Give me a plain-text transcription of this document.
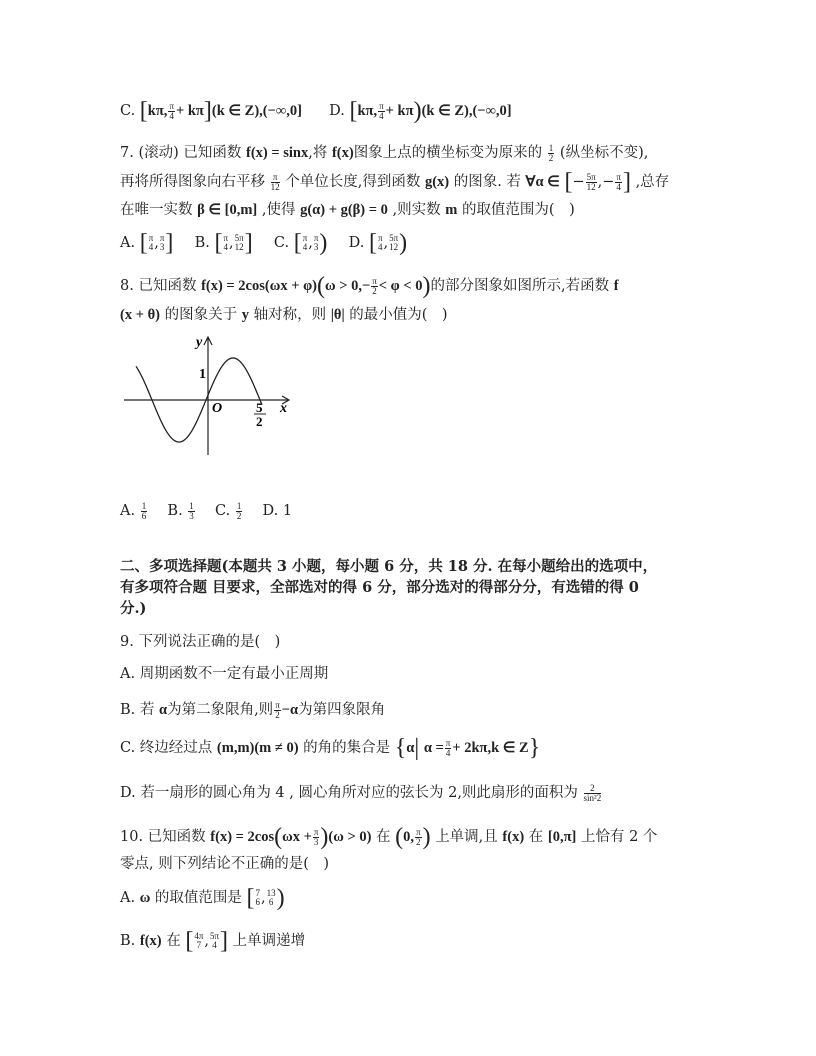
C. [kπ, $\frac{\pi}{4} + k\pi](k$ ∈ Z),(−∞,0] D. [kπ, $\frac{\pi}{4} + k\pi)(k$ ∈ Z),(−∞,0]
7. (滚动) 已知函数 f(x) = sinx,将 f(x)图象上点的横坐标变为原来的 $\frac{1}{2}$ (纵坐标不变),
再将所得图象向右平移 $\frac{\pi}{12}$ 个单位长度,得到函数 g(x) 的图象. 若 ∀α ∈ [− $\frac{5\pi}{12}$ ,− $\frac{\pi}{4}$ ] ,总存
在唯一实数 β ∈ [0,m] ,使得 g(α) + g(β) = 0 ,则实数 m 的取值范围为(　)
A. [ π
4 , π
3 ] B. [ π
4 , 5π
12 ] C. [ π
4 , π
3 ) D. [ π
4 , 5π
12 )
8. 已知函数 $f(x) = 2\cos(\omega x + \varphi)(\omega > 0,- \frac{\pi}{2} < \varphi < 0)$的部分图象如图所示,若函数 f
(x + θ) 的图象关于 y 轴对称，则 |θ| 的最小值为(　)
y
x
O
1
5
2
A. $\frac{1}{6} B$. $\frac{1}{3} C$. $\frac{1}{2} D$. 1
二、多项选择题(本题共 3 小题，每小题 6 分，共 18 分. 在每小题给出的选项中，
有多项符合题 目要求，全部选对的得 6 分，部分选对的得部分分，有选错的得 0
分.)
9. 下列说法正确的是(　)
A. 周期函数不一定有最小正周期
B. 若 α为第二象限角,则 $\frac{\pi}{2} -\alpha$为第四象限角
C. 终边经过点 (m,m)(m ≠ 0) 的角的集合是 {α| $\alpha = \frac{\pi}{4} + 2k\pi,k$ ∈ Z}
D. 若一扇形的圆心角为 4 , 圆心角所对应的弦长为 2,则此扇形的面积为 $\frac{2}{\text{sin²2}}$
10. 已知函数 $f(x) = 2\cos(\omega x + \frac{\pi}{3} )(\omega > 0)$ 在 (0, $\frac{\pi}{2}$ ) 上单调,且 f(x) 在 [0,π] 上恰有 2 个
零点, 则下列结论不正确的是(　)
A. ω 的取值范围是 [ 7
6 , 13
6 )
B. f(x) 在 [ 4π
7 , 5π
4 ] 上单调递增
